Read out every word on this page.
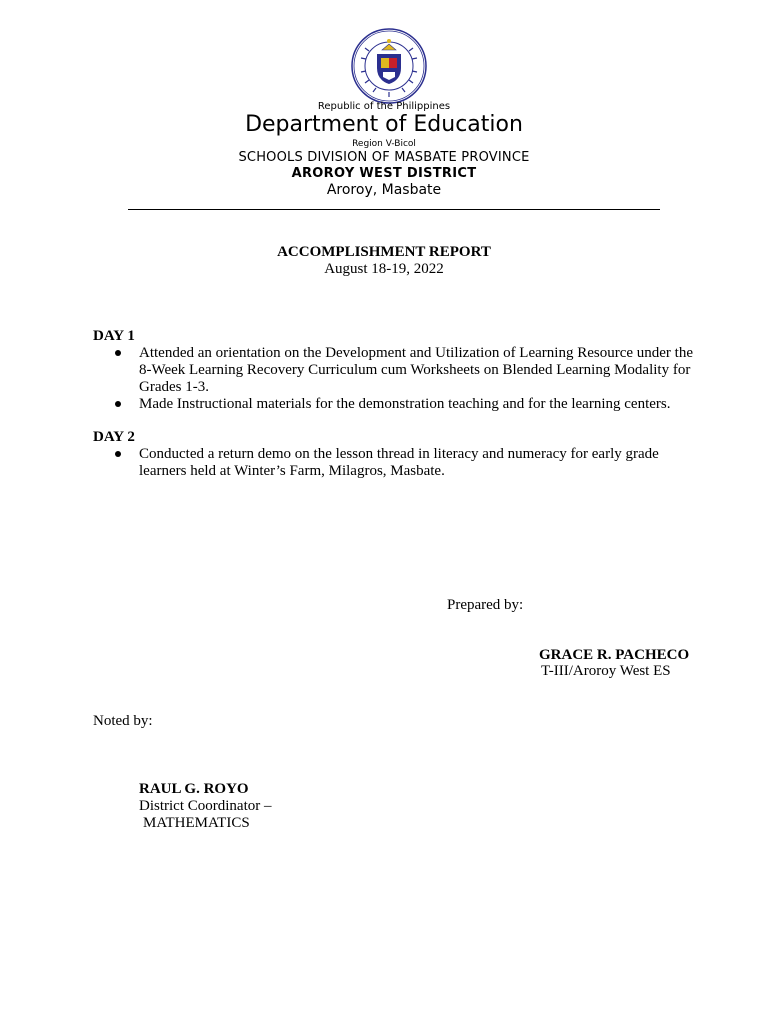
Republic of the Philippines
Department of Education
Region V-Bicol
SCHOOLS DIVISION OF MASBATE PROVINCE
AROROY WEST DISTRICT
Aroroy, Masbate
ACCOMPLISHMENT REPORT
August 18-19, 2022
DAY 1
Attended an orientation on the Development and Utilization of Learning Resource under the 8-Week Learning Recovery Curriculum cum Worksheets on Blended Learning Modality for Grades 1-3.
Made Instructional materials for the demonstration teaching and for the learning centers.
DAY 2
Conducted a return demo on the lesson thread in literacy and numeracy for early grade learners held at Winter’s Farm, Milagros, Masbate.
Prepared by:
GRACE R. PACHECO
T-III/Aroroy West ES
Noted by:
RAUL G. ROYO
District Coordinator –
MATHEMATICS
